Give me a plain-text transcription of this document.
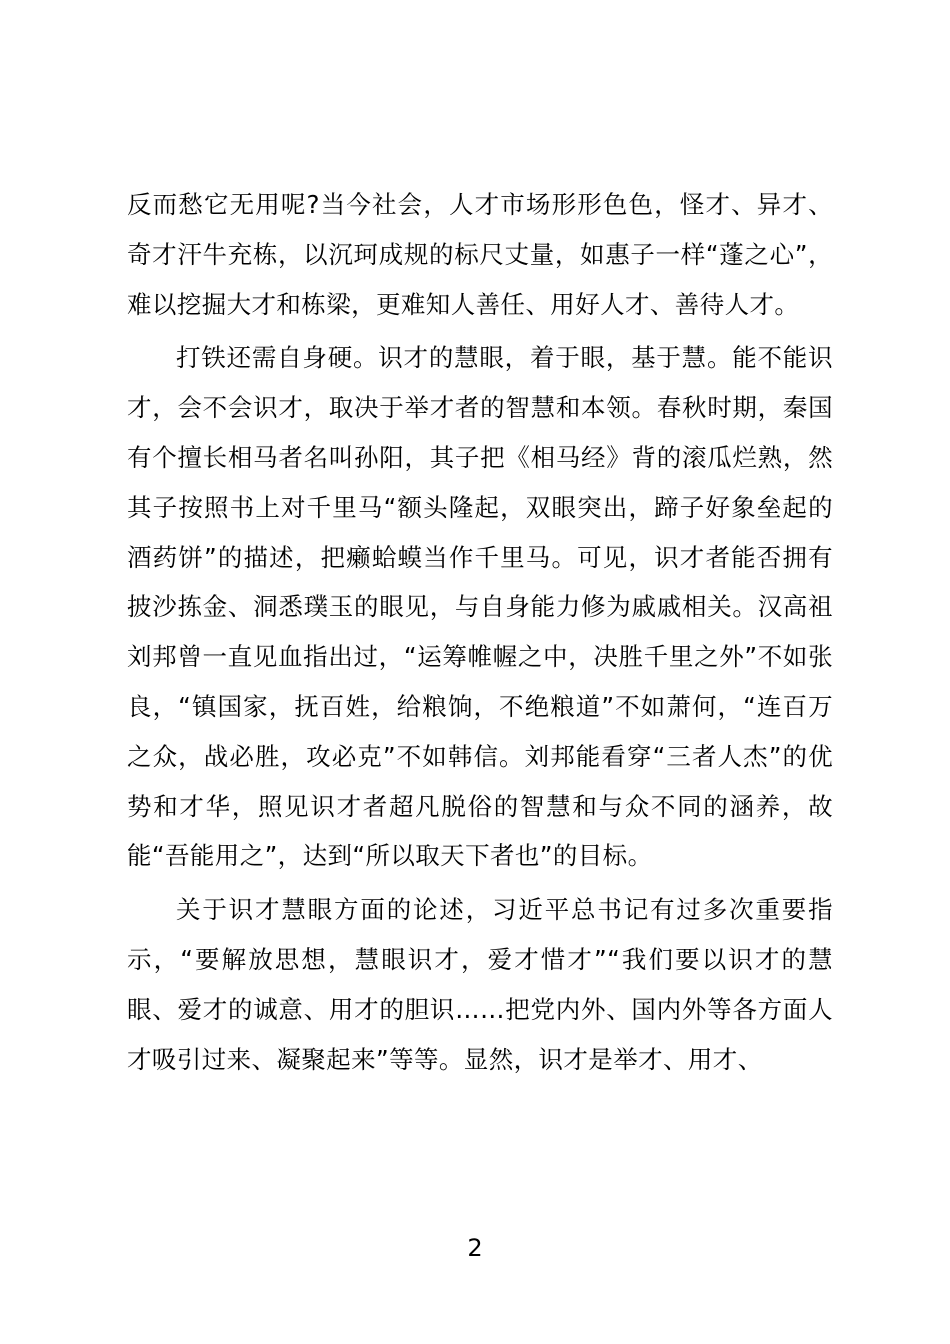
反而愁它无用呢?当今社会，人才市场形形色色，怪才、异才、奇才汗牛充栋，以沉珂成规的标尺丈量，如惠子一样“蓬之心”，难以挖掘大才和栋梁，更难知人善任、用好人才、善待人才。

打铁还需自身硬。识才的慧眼，着于眼，基于慧。能不能识才，会不会识才，取决于举才者的智慧和本领。春秋时期，秦国有个擅长相马者名叫孙阳，其子把《相马经》背的滚瓜烂熟，然其子按照书上对千里马“额头隆起，双眼突出，蹄子好象垒起的酒药饼”的描述，把癞蛤蟆当作千里马。可见，识才者能否拥有披沙拣金、洞悉璞玉的眼见，与自身能力修为戚戚相关。汉高祖刘邦曾一直见血指出过，“运筹帷幄之中，决胜千里之外”不如张良，“镇国家，抚百姓，给粮饷，不绝粮道”不如萧何，“连百万之众，战必胜，攻必克”不如韩信。刘邦能看穿“三者人杰”的优势和才华，照见识才者超凡脱俗的智慧和与众不同的涵养，故能“吾能用之”，达到“所以取天下者也”的目标。

关于识才慧眼方面的论述，习近平总书记有过多次重要指示，“要解放思想，慧眼识才，爱才惜才”“我们要以识才的慧眼、爱才的诚意、用才的胆识……把党内外、国内外等各方面人才吸引过来、凝聚起来”等等。显然，识才是举才、用才、

2
